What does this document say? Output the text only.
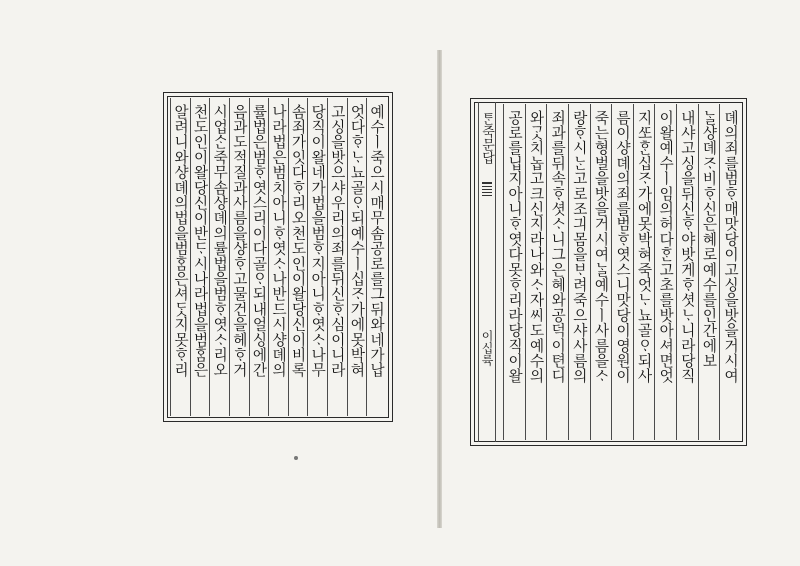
예수ㅣ죽으시매무솜공로를그뒤와네가납
엇다ᄒᆞᄂᆞ뇨골ᄋᆞ되예수ㅣ십ᄌᆞ가에못박혀
고싱을밧으샤우리의죄를뒤신ᄒᆞ심이니라
당직이왈네가법을범ᄒᆞ지아니ᄒᆞ엿ᄉᆞ나무
솜죄가잇다ᄒᆞ리오천도인이왈당신이비록
나라법은범치아니ᄒᆞ엿ᄉᆞ나반드시샹뎨의
률법은범ᄒᆞ엿스리이다골ᄋᆞ되내얼싱에간
음과도적질과사름을샹ᄒᆞ고물건을헤ᄒᆞ거
시업ᄉᆞᆫ죽무솜샹뎨의률법을범ᄒᆞ엿ᄉᆞ리오
천도인이왈당신이반ᄃᆞ시나라법을범ᄒᆞᆷ은
알려니와샹뎨의법을범ᄒᆞᆷ은셔ᄃᆞᆺ지못ᄒᆞ리	뎨의죄를범ᄒᆞ매맛당이고싱을밧을거시여
ᄂᆞᆯ샹뎨ᄌᆞ비ᄒᆞ신은혜로예수를인간에보
내샤고싱을뒤신ᄒᆞ야밧게ᄒᆞ셧ᄂᆞ니라당직
이왈예수ㅣ임의허다ᄒᆞᆫ고초를밧아셔면엇
지ᄯᅩᄒᆞᆫ십ᄌᆞ가에못박혀죽엇ᄂᆞ뇨골ᄋᆞ되사
름이샹뎨의죄를범ᄒᆞ엿스니맛당이영원이
죽는형벌을밧을거시여ᄂᆞᆯ예수ㅣ사름을ᄉᆞ
랑ᄒᆞ시ᄂᆞᆫ고로조긔몸을ᄇᆞ려죽으샤사름의
죄과를뒤속ᄒᆞ셧ᄉᆞ니그은혜와공덕이텬디
와ᄀᆞᆺ치놉고크신지라나와ᄉᆞ자씨도예수의
공로를닙지아니ᄒᆞ엿다못ᄒᆞ리라당직이왈
ᄐᆞᆫ죽문답
이십륙
